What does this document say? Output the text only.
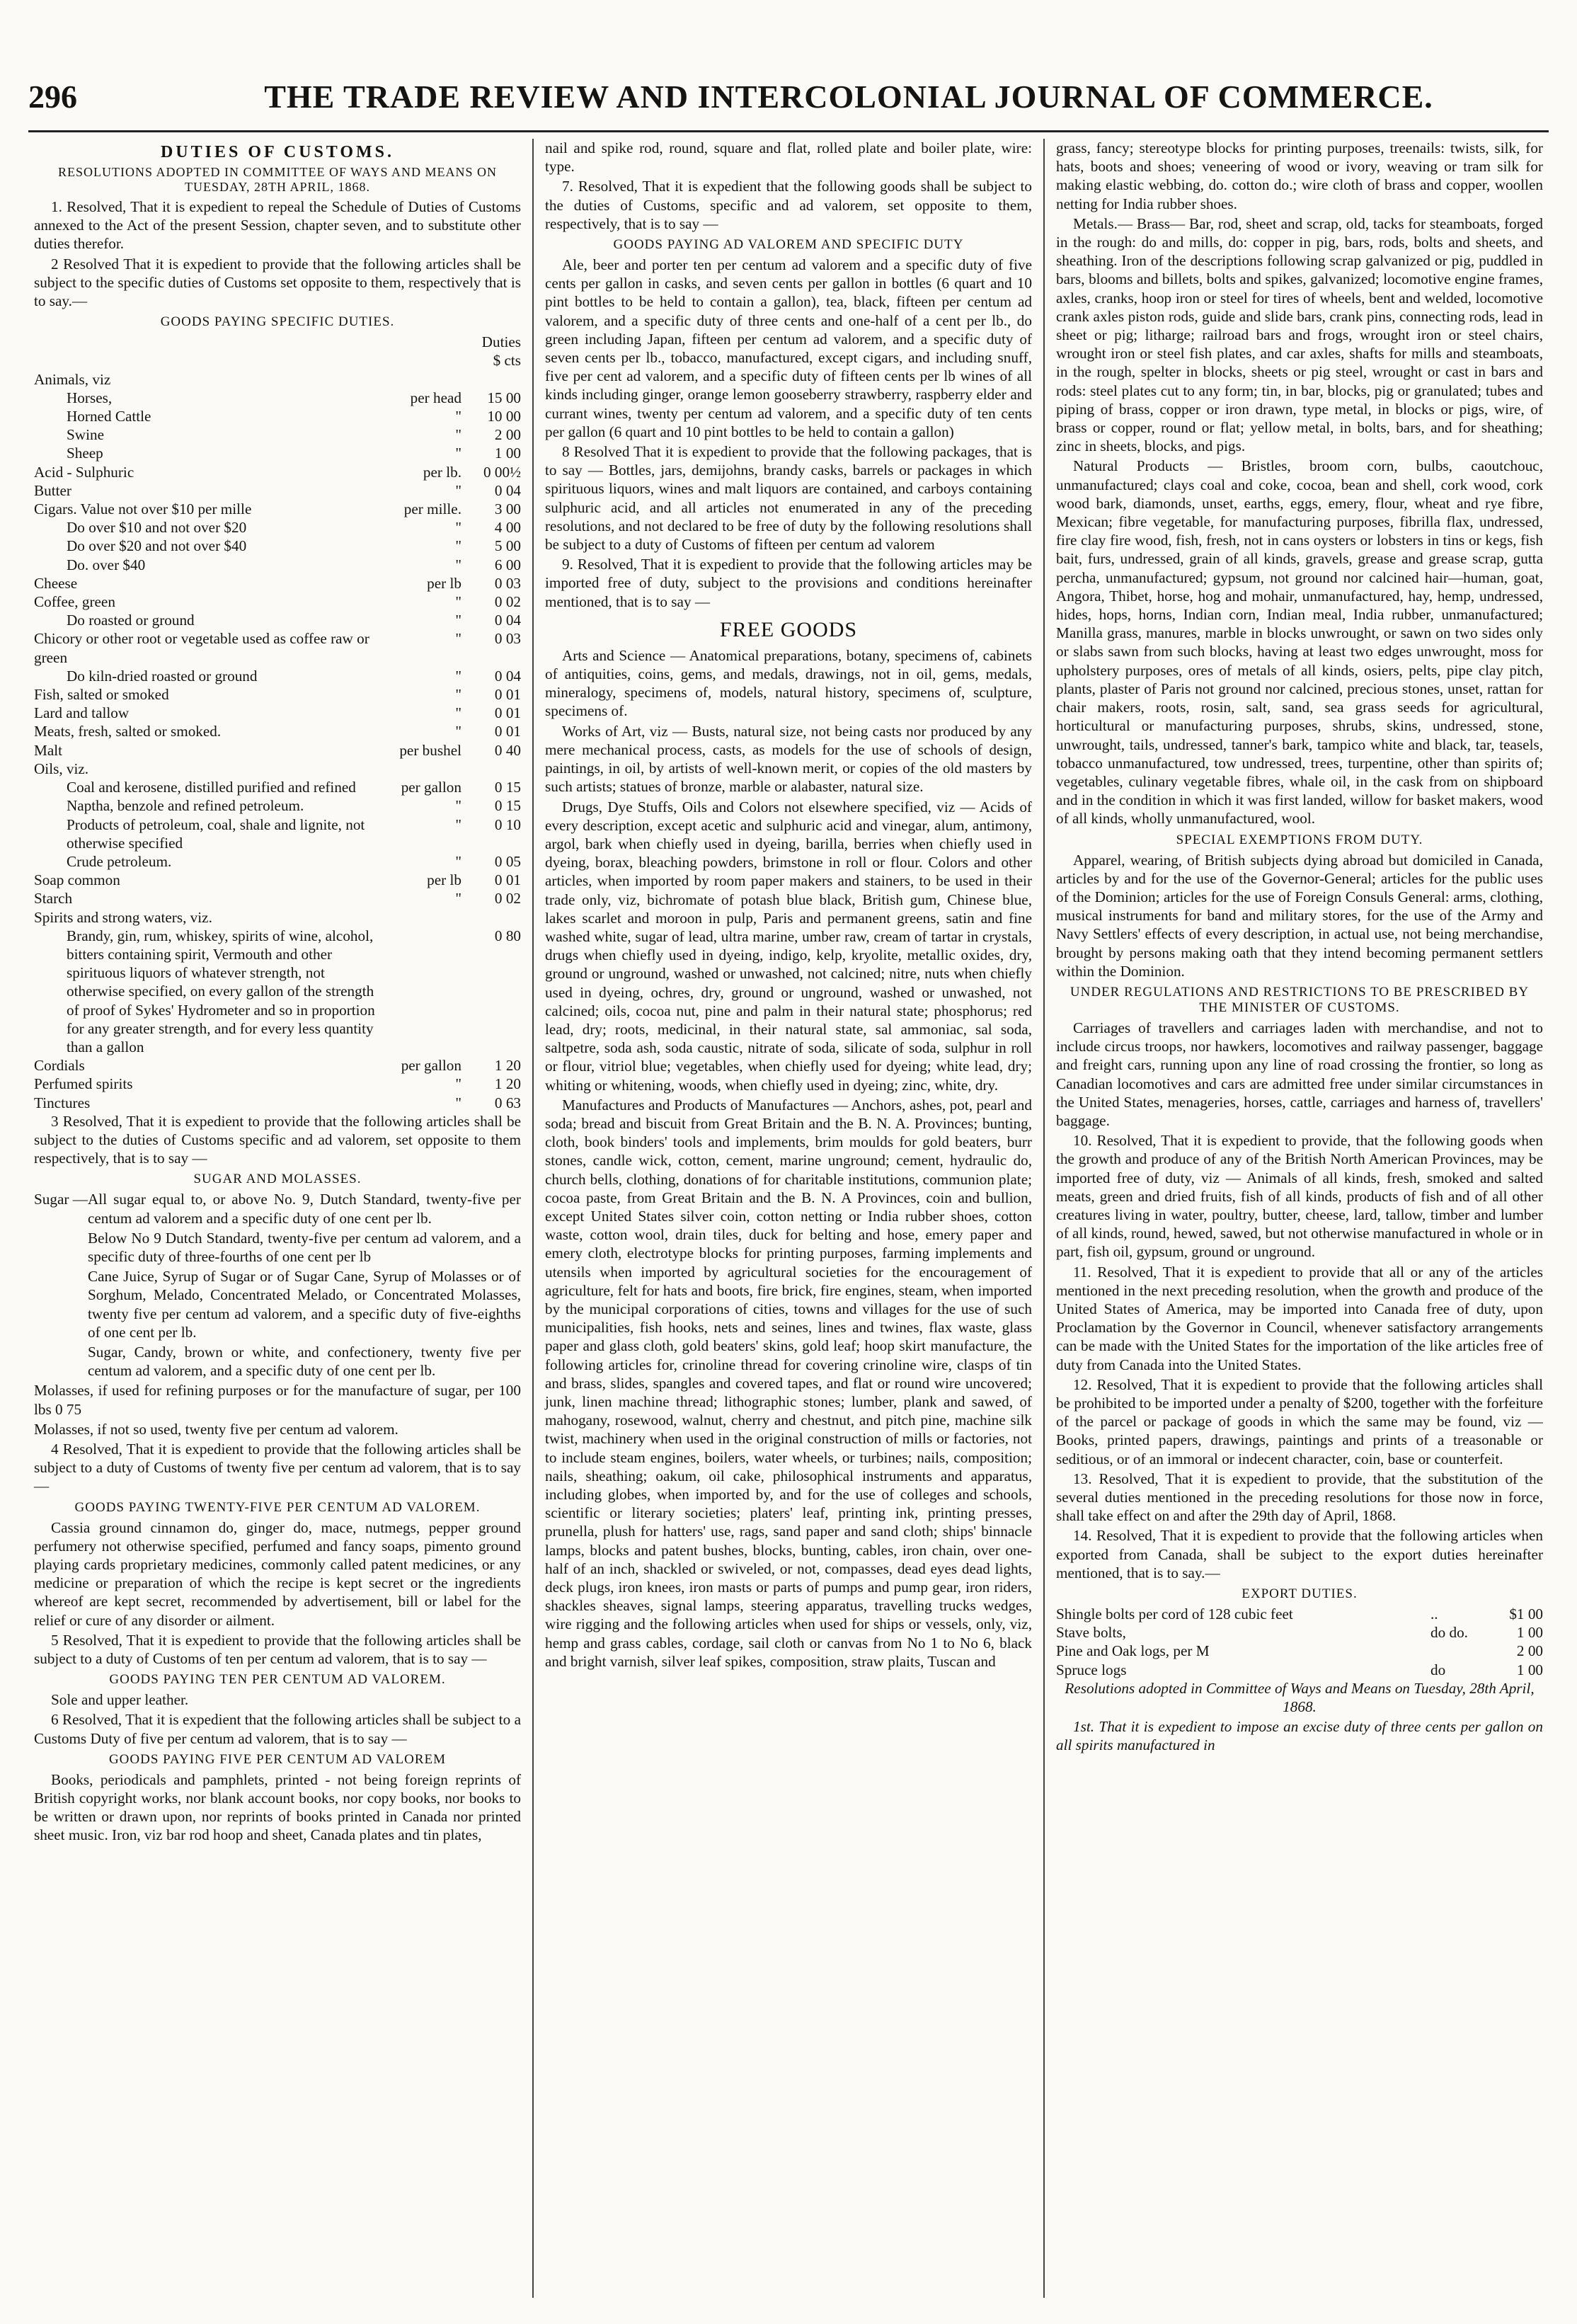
296	THE TRADE REVIEW AND INTERCOLONIAL JOURNAL OF COMMERCE.
DUTIES OF CUSTOMS.
RESOLUTIONS ADOPTED IN COMMITTEE OF WAYS AND MEANS ON TUESDAY, 28TH APRIL, 1868.

1. Resolved, That it is expedient to repeal the Schedule of Duties of Customs annexed to the Act of the present Session, chapter seven, and to substitute other duties therefor.

2 Resolved That it is expedient to provide that the following articles shall be subject to the specific duties of Customs set opposite to them, respectively that is to say.—

GOODS PAYING SPECIFIC DUTIES.
		Duties
		$ cts
Animals, viz		
Horses,	per head	15 00
Horned Cattle	"	10 00
Swine	"	2 00
Sheep	"	1 00
Acid - Sulphuric	per lb.	0 00½
Butter	"	0 04
Cigars. Value not over $10 per mille	per mille.	3 00
Do over $10 and not over $20	"	4 00
Do over $20 and not over $40	"	5 00
Do. over $40	"	6 00
Cheese	per lb	0 03
Coffee, green	"	0 02
Do roasted or ground	"	0 04
Chicory or other root or vegetable used as coffee raw or green	"	0 03
Do kiln-dried roasted or ground	"	0 04
Fish, salted or smoked	"	0 01
Lard and tallow	"	0 01
Meats, fresh, salted or smoked.	"	0 01
Malt	per bushel	0 40
Oils, viz.		
Coal and kerosene, distilled purified and refined	per gallon	0 15
Naptha, benzole and refined petroleum.	"	0 15
Products of petroleum, coal, shale and lignite, not otherwise specified	"	0 10
Crude petroleum.	"	0 05
Soap common	per lb	0 01
Starch	"	0 02
Spirits and strong waters, viz.		
Brandy, gin, rum, whiskey, spirits of wine, alcohol, bitters containing spirit, Vermouth and other spirituous liquors of whatever strength, not otherwise specified, on every gallon of the strength of proof of Sykes' Hydrometer and so in proportion for any greater strength, and for every less quantity than a gallon		0 80
Cordials	per gallon	1 20
Perfumed spirits	"	1 20
Tinctures	"	0 63

3 Resolved, That it is expedient to provide that the following articles shall be subject to the duties of Customs specific and ad valorem, set opposite to them respectively, that is to say —

SUGAR AND MOLASSES.
Sugar — All sugar equal to, or above No. 9, Dutch Standard, twenty-five per centum ad valorem and a specific duty of one cent per lb.
Below No 9 Dutch Standard, twenty-five per centum ad valorem, and a specific duty of three-fourths of one cent per lb
Cane Juice, Syrup of Sugar or of Sugar Cane, Syrup of Molasses or of Sorghum, Melado, Concentrated Melado, or Concentrated Molasses, twenty five per centum ad valorem, and a specific duty of five-eighths of one cent per lb.
Sugar, Candy, brown or white, and confectionery, twenty five per centum ad valorem, and a specific duty of one cent per lb.

Molasses, if used for refining purposes or for the manufacture of sugar, per 100 lbs 0 75

Molasses, if not so used, twenty five per centum ad valorem.

4 Resolved, That it is expedient to provide that the following articles shall be subject to a duty of Customs of twenty five per centum ad valorem, that is to say —

GOODS PAYING TWENTY-FIVE PER CENTUM AD VALOREM.

Cassia ground cinnamon do, ginger do, mace, nutmegs, pepper ground perfumery not otherwise specified, perfumed and fancy soaps, pimento ground playing cards proprietary medicines, commonly called patent medicines, or any medicine or preparation of which the recipe is kept secret or the ingredients whereof are kept secret, recommended by advertisement, bill or label for the relief or cure of any disorder or ailment.

5 Resolved, That it is expedient to provide that the following articles shall be subject to a duty of Customs of ten per centum ad valorem, that is to say —

GOODS PAYING TEN PER CENTUM AD VALOREM.

Sole and upper leather.

6 Resolved, That it is expedient that the following articles shall be subject to a Customs Duty of five per centum ad valorem, that is to say —

GOODS PAYING FIVE PER CENTUM AD VALOREM

Books, periodicals and pamphlets, printed - not being foreign reprints of British copyright works, nor blank account books, nor copy books, nor books to be written or drawn upon, nor reprints of books printed in Canada nor printed sheet music. Iron, viz bar rod hoop and sheet, Canada plates and tin plates,

nail and spike rod, round, square and flat, rolled plate and boiler plate, wire: type.

7. Resolved, That it is expedient that the following goods shall be subject to the duties of Customs, specific and ad valorem, set opposite to them, respectively, that is to say —

GOODS PAYING AD VALOREM AND SPECIFIC DUTY

Ale, beer and porter ten per centum ad valorem and a specific duty of five cents per gallon in casks, and seven cents per gallon in bottles (6 quart and 10 pint bottles to be held to contain a gallon), tea, black, fifteen per centum ad valorem, and a specific duty of three cents and one-half of a cent per lb., do green including Japan, fifteen per centum ad valorem, and a specific duty of seven cents per lb., tobacco, manufactured, except cigars, and including snuff, five per cent ad valorem, and a specific duty of fifteen cents per lb wines of all kinds including ginger, orange lemon gooseberry strawberry, raspberry elder and currant wines, twenty per centum ad valorem, and a specific duty of ten cents per gallon (6 quart and 10 pint bottles to be held to contain a gallon)

8 Resolved That it is expedient to provide that the following packages, that is to say — Bottles, jars, demijohns, brandy casks, barrels or packages in which spirituous liquors, wines and malt liquors are contained, and carboys containing sulphuric acid, and all articles not enumerated in any of the preceding resolutions, and not declared to be free of duty by the following resolutions shall be subject to a duty of Customs of fifteen per centum ad valorem

9. Resolved, That it is expedient to provide that the following articles may be imported free of duty, subject to the provisions and conditions hereinafter mentioned, that is to say —

FREE GOODS

Arts and Science — Anatomical preparations, botany, specimens of, cabinets of antiquities, coins, gems, and medals, drawings, not in oil, gems, medals, mineralogy, specimens of, models, natural history, specimens of, sculpture, specimens of.

Works of Art, viz — Busts, natural size, not being casts nor produced by any mere mechanical process, casts, as models for the use of schools of design, paintings, in oil, by artists of well-known merit, or copies of the old masters by such artists; statues of bronze, marble or alabaster, natural size.

Drugs, Dye Stuffs, Oils and Colors not elsewhere specified, viz — Acids of every description, except acetic and sulphuric acid and vinegar, alum, antimony, argol, bark when chiefly used in dyeing, barilla, berries when chiefly used in dyeing, borax, bleaching powders, brimstone in roll or flour. Colors and other articles, when imported by room paper makers and stainers, to be used in their trade only, viz, bichromate of potash blue black, British gum, Chinese blue, lakes scarlet and moroon in pulp, Paris and permanent greens, satin and fine washed white, sugar of lead, ultra marine, umber raw, cream of tartar in crystals, drugs when chiefly used in dyeing, indigo, kelp, kryolite, metallic oxides, dry, ground or unground, washed or unwashed, not calcined; nitre, nuts when chiefly used in dyeing, ochres, dry, ground or unground, washed or unwashed, not calcined; oils, cocoa nut, pine and palm in their natural state; phosphorus; red lead, dry; roots, medicinal, in their natural state, sal ammoniac, sal soda, saltpetre, soda ash, soda caustic, nitrate of soda, silicate of soda, sulphur in roll or flour, vitriol blue; vegetables, when chiefly used for dyeing; white lead, dry; whiting or whitening, woods, when chiefly used in dyeing; zinc, white, dry.

Manufactures and Products of Manufactures — Anchors, ashes, pot, pearl and soda; bread and biscuit from Great Britain and the B. N. A. Provinces; bunting, cloth, book binders' tools and implements, brim moulds for gold beaters, burr stones, candle wick, cotton, cement, marine unground; cement, hydraulic do, church bells, clothing, donations of for charitable institutions, communion plate; cocoa paste, from Great Britain and the B. N. A Provinces, coin and bullion, except United States silver coin, cotton netting or India rubber shoes, cotton waste, cotton wool, drain tiles, duck for belting and hose, emery paper and emery cloth, electrotype blocks for printing purposes, farming implements and utensils when imported by agricultural societies for the encouragement of agriculture, felt for hats and boots, fire brick, fire engines, steam, when imported by the municipal corporations of cities, towns and villages for the use of such municipalities, fish hooks, nets and seines, lines and twines, flax waste, glass paper and glass cloth, gold beaters' skins, gold leaf; hoop skirt manufacture, the following articles for, crinoline thread for covering crinoline wire, clasps of tin and brass, slides, spangles and covered tapes, and flat or round wire uncovered; junk, linen machine thread; lithographic stones; lumber, plank and sawed, of mahogany, rosewood, walnut, cherry and chestnut, and pitch pine, machine silk twist, machinery when used in the original construction of mills or factories, not to include steam engines, boilers, water wheels, or turbines; nails, composition; nails, sheathing; oakum, oil cake, philosophical instruments and apparatus, including globes, when imported by, and for the use of colleges and schools, scientific or literary societies; platers' leaf, printing ink, printing presses, prunella, plush for hatters' use, rags, sand paper and sand cloth; ships' binnacle lamps, blocks and patent bushes, blocks, bunting, cables, iron chain, over one-half of an inch, shackled or swiveled, or not, compasses, dead eyes dead lights, deck plugs, iron knees, iron masts or parts of pumps and pump gear, iron riders, shackles sheaves, signal lamps, steering apparatus, travelling trucks wedges, wire rigging and the following articles when used for ships or vessels, only, viz, hemp and grass cables, cordage, sail cloth or canvas from No 1 to No 6, black and bright varnish, silver leaf spikes, composition, straw plaits, Tuscan and

grass, fancy; stereotype blocks for printing purposes, treenails: twists, silk, for hats, boots and shoes; veneering of wood or ivory, weaving or tram silk for making elastic webbing, do. cotton do.; wire cloth of brass and copper, woollen netting for India rubber shoes.

Metals.— Brass— Bar, rod, sheet and scrap, old, tacks for steamboats, forged in the rough: do and mills, do: copper in pig, bars, rods, bolts and sheets, and sheathing. Iron of the descriptions following scrap galvanized or pig, puddled in bars, blooms and billets, bolts and spikes, galvanized; locomotive engine frames, axles, cranks, hoop iron or steel for tires of wheels, bent and welded, locomotive crank axles piston rods, guide and slide bars, crank pins, connecting rods, lead in sheet or pig; litharge; railroad bars and frogs, wrought iron or steel chairs, wrought iron or steel fish plates, and car axles, shafts for mills and steamboats, in the rough, spelter in blocks, sheets or pig steel, wrought or cast in bars and rods: steel plates cut to any form; tin, in bar, blocks, pig or granulated; tubes and piping of brass, copper or iron drawn, type metal, in blocks or pigs, wire, of brass or copper, round or flat; yellow metal, in bolts, bars, and for sheathing; zinc in sheets, blocks, and pigs.

Natural Products — Bristles, broom corn, bulbs, caoutchouc, unmanufactured; clays coal and coke, cocoa, bean and shell, cork wood, cork wood bark, diamonds, unset, earths, eggs, emery, flour, wheat and rye fibre, Mexican; fibre vegetable, for manufacturing purposes, fibrilla flax, undressed, fire clay fire wood, fish, fresh, not in cans oysters or lobsters in tins or kegs, fish bait, furs, undressed, grain of all kinds, gravels, grease and grease scrap, gutta percha, unmanufactured; gypsum, not ground nor calcined hair—human, goat, Angora, Thibet, horse, hog and mohair, unmanufactured, hay, hemp, undressed, hides, hops, horns, Indian corn, Indian meal, India rubber, unmanufactured; Manilla grass, manures, marble in blocks unwrought, or sawn on two sides only or slabs sawn from such blocks, having at least two edges unwrought, moss for upholstery purposes, ores of metals of all kinds, osiers, pelts, pipe clay pitch, plants, plaster of Paris not ground nor calcined, precious stones, unset, rattan for chair makers, roots, rosin, salt, sand, sea grass seeds for agricultural, horticultural or manufacturing purposes, shrubs, skins, undressed, stone, unwrought, tails, undressed, tanner's bark, tampico white and black, tar, teasels, tobacco unmanufactured, tow undressed, trees, turpentine, other than spirits of; vegetables, culinary vegetable fibres, whale oil, in the cask from on shipboard and in the condition in which it was first landed, willow for basket makers, wood of all kinds, wholly unmanufactured, wool.

SPECIAL EXEMPTIONS FROM DUTY.

Apparel, wearing, of British subjects dying abroad but domiciled in Canada, articles by and for the use of the Governor-General; articles for the public uses of the Dominion; articles for the use of Foreign Consuls General: arms, clothing, musical instruments for band and military stores, for the use of the Army and Navy Settlers' effects of every description, in actual use, not being merchandise, brought by persons making oath that they intend becoming permanent settlers within the Dominion.

UNDER REGULATIONS AND RESTRICTIONS TO BE PRESCRIBED BY THE MINISTER OF CUSTOMS.

Carriages of travellers and carriages laden with merchandise, and not to include circus troops, nor hawkers, locomotives and railway passenger, baggage and freight cars, running upon any line of road crossing the frontier, so long as Canadian locomotives and cars are admitted free under similar circumstances in the United States, menageries, horses, cattle, carriages and harness of, travellers' baggage.

10. Resolved, That it is expedient to provide, that the following goods when the growth and produce of any of the British North American Provinces, may be imported free of duty, viz — Animals of all kinds, fresh, smoked and salted meats, green and dried fruits, fish of all kinds, products of fish and of all other creatures living in water, poultry, butter, cheese, lard, tallow, timber and lumber of all kinds, round, hewed, sawed, but not otherwise manufactured in whole or in part, fish oil, gypsum, ground or unground.

11. Resolved, That it is expedient to provide that all or any of the articles mentioned in the next preceding resolution, when the growth and produce of the United States of America, may be imported into Canada free of duty, upon Proclamation by the Governor in Council, whenever satisfactory arrangements can be made with the United States for the importation of the like articles free of duty from Canada into the United States.

12. Resolved, That it is expedient to provide that the following articles shall be prohibited to be imported under a penalty of $200, together with the forfeiture of the parcel or package of goods in which the same may be found, viz — Books, printed papers, drawings, paintings and prints of a treasonable or seditious, or of an immoral or indecent character, coin, base or counterfeit.

13. Resolved, That it is expedient to provide, that the substitution of the several duties mentioned in the preceding resolutions for those now in force, shall take effect on and after the 29th day of April, 1868.

14. Resolved, That it is expedient to provide that the following articles when exported from Canada, shall be subject to the export duties hereinafter mentioned, that is to say.—

EXPORT DUTIES.
Shingle bolts per cord of 128 cubic feet	..	$1 00
Stave bolts,	do do.	1 00
Pine and Oak logs, per M		2 00
Spruce logs	do	1 00

Resolutions adopted in Committee of Ways and Means on Tuesday, 28th April, 1868.

1st. That it is expedient to impose an excise duty of three cents per gallon on all spirits manufactured in
